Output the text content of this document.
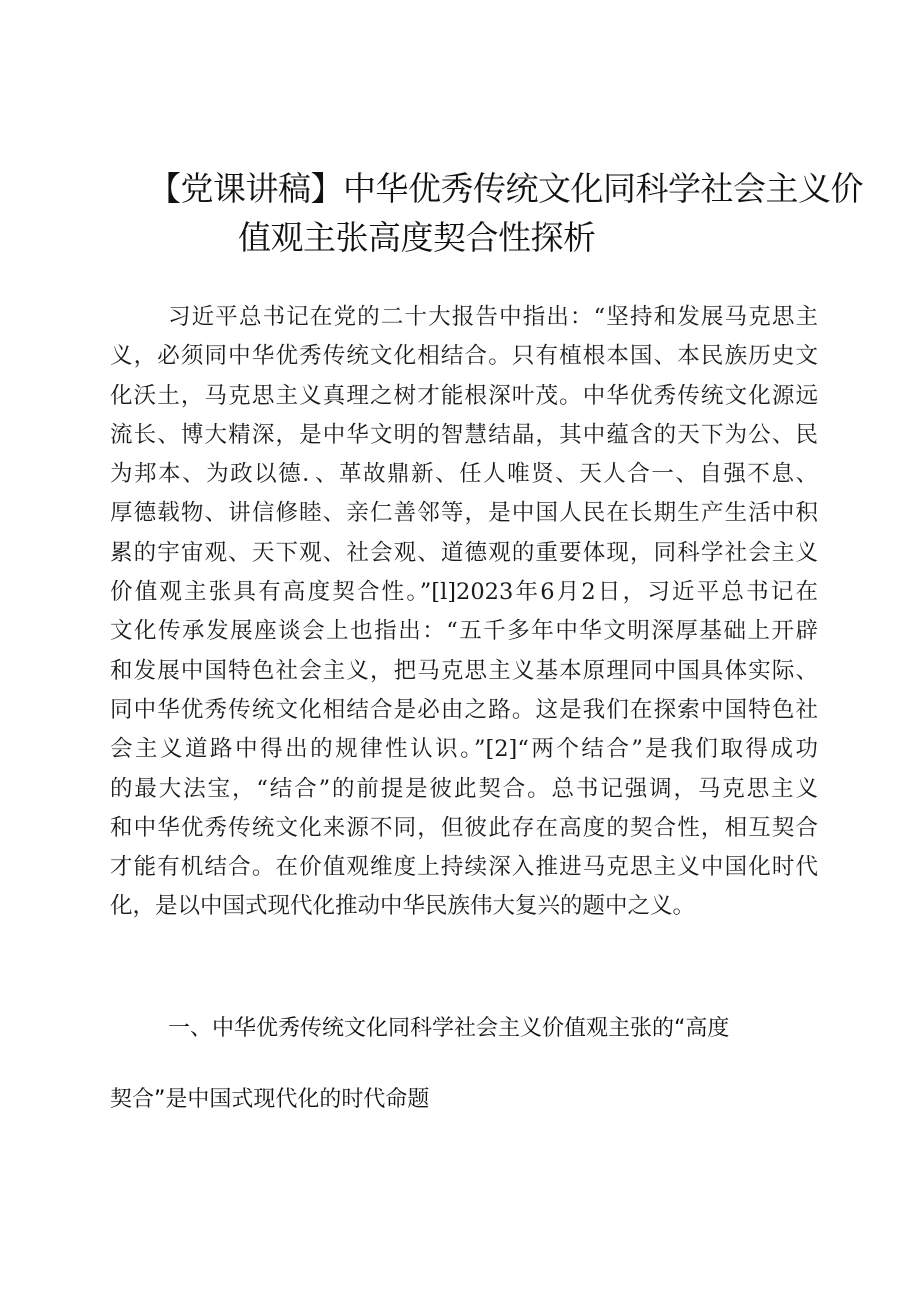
【党课讲稿】中华优秀传统文化同科学社会主义价
值观主张高度契合性探析
习近平总书记在党的二十大报告中指出：“坚持和发展马克思主
义，必须同中华优秀传统文化相结合。只有植根本国、本民族历史文
化沃土，马克思主义真理之树才能根深叶茂。中华优秀传统文化源远
流长、博大精深，是中华文明的智慧结晶，其中蕴含的天下为公、民
为邦本、为政以德．、革故鼎新、任人唯贤、天人合一、自强不息、
厚德载物、讲信修睦、亲仁善邻等，是中国人民在长期生产生活中积
累的宇宙观、天下观、社会观、道德观的重要体现，同科学社会主义
价值观主张具有高度契合性。”[l]2023年6月2日，习近平总书记在
文化传承发展座谈会上也指出：“五千多年中华文明深厚基础上开辟
和发展中国特色社会主义，把马克思主义基本原理同中国具体实际、
同中华优秀传统文化相结合是必由之路。这是我们在探索中国特色社
会主义道路中得出的规律性认识。”[2]“两个结合”是我们取得成功
的最大法宝，“结合”的前提是彼此契合。总书记强调，马克思主义
和中华优秀传统文化来源不同，但彼此存在高度的契合性，相互契合
才能有机结合。在价值观维度上持续深入推进马克思主义中国化时代
化，是以中国式现代化推动中华民族伟大复兴的题中之义。
一、中华优秀传统文化同科学社会主义价值观主张的“高度
契合”是中国式现代化的时代命题
